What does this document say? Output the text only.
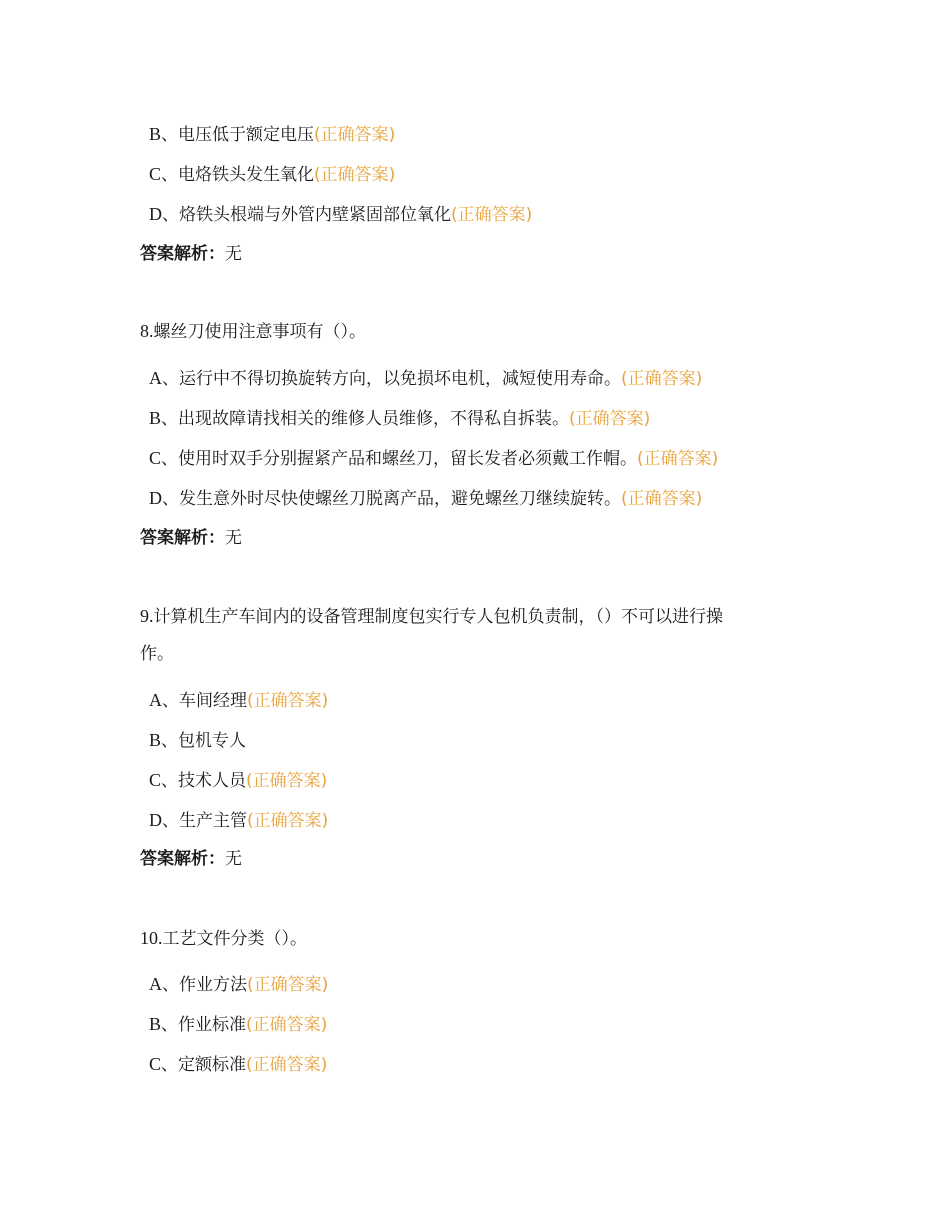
B、电压低于额定电压(正确答案)
C、电烙铁头发生氧化(正确答案)
D、烙铁头根端与外管内壁紧固部位氧化(正确答案)
答案解析：无
8.螺丝刀使用注意事项有（）。
A、运行中不得切换旋转方向，以免损坏电机，减短使用寿命。(正确答案)
B、出现故障请找相关的维修人员维修，不得私自拆装。(正确答案)
C、使用时双手分别握紧产品和螺丝刀，留长发者必须戴工作帽。(正确答案)
D、发生意外时尽快使螺丝刀脱离产品，避免螺丝刀继续旋转。(正确答案)
答案解析：无
9.计算机生产车间内的设备管理制度包实行专人包机负责制，（）不可以进行操
作。
A、车间经理(正确答案)
B、包机专人
C、技术人员(正确答案)
D、生产主管(正确答案)
答案解析：无
10.工艺文件分类（）。
A、作业方法(正确答案)
B、作业标准(正确答案)
C、定额标准(正确答案)
